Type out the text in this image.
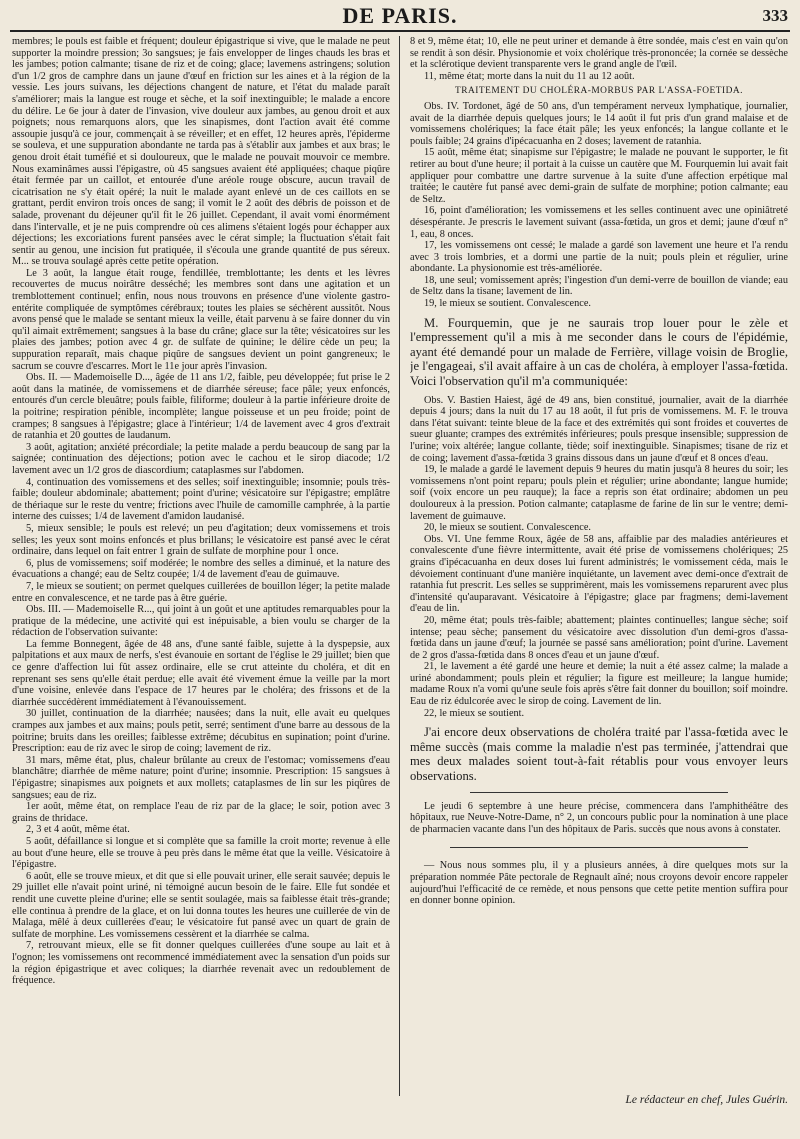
DE PARIS.	333

membres; le pouls est faible et fréquent; douleur épigastrique si vive, que le malade ne peut supporter la moindre pression; 3o sangsues; je fais envelopper de linges chauds les bras et les jambes; potion calmante; tisane de riz et de coing; glace; lavemens astringens; solution d'un 1/2 gros de camphre dans un jaune d'œuf en friction sur les aines et à la région de la vessie. Les jours suivans, les déjections changent de nature, et l'état du malade paraît s'améliorer; mais la langue est rouge et sèche, et la soif inextinguible; le malade a encore du délire. Le 6e jour à dater de l'invasion, vive douleur aux jambes, au genou droit et aux poignets; nous remarquons alors, que les sinapismes, dont l'action avait été comme assoupie jusqu'à ce jour, commençait à se réveiller; et en effet, 12 heures après, l'épiderme se souleva, et une suppuration abondante ne tarda pas à s'établir aux jambes et aux bras; le genou droit était tuméfié et si douloureux, que le malade ne pouvait mouvoir ce membre. Nous examinâmes aussi l'épigastre, où 45 sangsues avaient été appliquées; chaque piqûre était fermée par un caillot, et entourée d'une aréole rouge obscure, aucun travail de cicatrisation ne s'y était opéré; la nuit le malade ayant enlevé un de ces caillots en se grattant, perdit environ trois onces de sang; il vomit le 2 août des débris de poisson et de salade, provenant du déjeuner qu'il fit le 26 juillet. Cependant, il avait vomi énormément dans l'intervalle, et je ne puis comprendre où ces alimens s'étaient logés pour échapper aux déjections; les excoriations furent pansées avec le cérat simple; la fluctuation s'était fait sentir au genou, une incision fut pratiquée, il s'écoula une grande quantité de pus séreux. M... se trouva soulagé après cette petite opération.

Le 3 août, la langue était rouge, fendillée, tremblottante; les dents et les lèvres recouvertes de mucus noirâtre desséché; les membres sont dans une agitation et un tremblottement continuel; enfin, nous nous trouvons en présence d'une violente gastro-entérite compliquée de symptômes cérébraux; toutes les plaies se séchèrent aussitôt. Nous avons pensé que le malade se sentant mieux la veille, était parvenu à se faire donner du vin qu'il aimait extrêmement; sangsues à la base du crâne; glace sur la tête; vésicatoires sur les plaies des jambes; potion avec 4 gr. de sulfate de quinine; le délire cède un peu; la suppuration reparaît, mais chaque piqûre de sangsues devient un point gangreneux; le sacrum se couvre d'escarres. Mort le 11e jour après l'invasion.

Obs. II. — Mademoiselle D..., âgée de 11 ans 1/2, faible, peu développée; fut prise le 2 août dans la matinée, de vomissemens et de diarrhée séreuse; face pâle; yeux enfoncés, entourés d'un cercle bleuâtre; pouls faible, filiforme; douleur à la partie inférieure droite de la poitrine; respiration pénible, incomplète; langue poisseuse et un peu froide; point de crampes; 8 sangsues à l'épigastre; glace à l'intérieur; 1/4 de lavement avec 4 gros d'extrait de ratanhia et 20 gouttes de laudanum.

3 août, agitation; anxiété précordiale; la petite malade a perdu beaucoup de sang par la saignée; continuation des déjections; potion avec le cachou et le sirop diacode; 1/2 lavement avec un 1/2 gros de diascordium; cataplasmes sur l'abdomen.

4, continuation des vomissemens et des selles; soif inextinguible; insomnie; pouls très-faible; douleur abdominale; abattement; point d'urine; vésicatoire sur l'épigastre; emplâtre de thériaque sur le reste du ventre; frictions avec l'huile de camomille camphrée, à la partie interne des cuisses; 1/4 de lavement d'amidon laudanisé.

5, mieux sensible; le pouls est relevé; un peu d'agitation; deux vomissemens et trois selles; les yeux sont moins enfoncés et plus brillans; le vésicatoire est pansé avec le cérat ordinaire, dans lequel on fait entrer 1 grain de sulfate de morphine pour 1 once.

6, plus de vomissemens; soif modérée; le nombre des selles a diminué, et la nature des évacuations a changé; eau de Seltz coupée; 1/4 de lavement d'eau de guimauve.

7, le mieux se soutient; on permet quelques cuillerées de bouillon léger; la petite malade entre en convalescence, et ne tarde pas à être guérie.

Obs. III. — Mademoiselle R..., qui joint à un goût et une aptitudes remarquables pour la pratique de la médecine, une activité qui est inépuisable, a bien voulu se charger de la rédaction de l'observation suivante:

La femme Bonnegent, âgée de 48 ans, d'une santé faible, sujette à la dyspepsie, aux palpitations et aux maux de nerfs, s'est évanouie en sortant de l'église le 29 juillet; bien que ce genre d'affection lui fût assez ordinaire, elle se crut atteinte du choléra, et dit en reprenant ses sens qu'elle était perdue; elle avait été vivement émue la veille par la mort d'une voisine, enlevée dans l'espace de 17 heures par le choléra; des frissons et de la diarrhée succédèrent immédiatement à l'évanouissement.

30 juillet, continuation de la diarrhée; nausées; dans la nuit, elle avait eu quelques crampes aux jambes et aux mains; pouls petit, serré; sentiment d'une barre au dessous de la poitrine; bruits dans les oreilles; faiblesse extrême; décubitus en supination; point d'urine. Prescription: eau de riz avec le sirop de coing; lavement de riz.

31 mars, même état, plus, chaleur brûlante au creux de l'estomac; vomissemens d'eau blanchâtre; diarrhée de même nature; point d'urine; insomnie. Prescription: 15 sangsues à l'épigastre; sinapismes aux poignets et aux mollets; cataplasmes de lin sur les piqûres de sangsues; eau de riz.

1er août, même état, on remplace l'eau de riz par de la glace; le soir, potion avec 3 grains de thridace.

2, 3 et 4 août, même état.

5 août, défaillance si longue et si complète que sa famille la croit morte; revenue à elle au bout d'une heure, elle se trouve à peu près dans le même état que la veille. Vésicatoire à l'épigastre.

6 août, elle se trouve mieux, et dit que si elle pouvait uriner, elle serait sauvée; depuis le 29 juillet elle n'avait point uriné, ni témoigné aucun besoin de le faire. Elle fut sondée et rendit une cuvette pleine d'urine; elle se sentit soulagée, mais sa faiblesse était très-grande; elle continua à prendre de la glace, et on lui donna toutes les heures une cuillerée de vin de Malaga, mêlé à deux cuillerées d'eau; le vésicatoire fut pansé avec un quart de grain de sulfate de morphine. Les vomissemens cessèrent et la diarrhée se calma.

7, retrouvant mieux, elle se fit donner quelques cuillerées d'une soupe au lait et à l'ognon; les vomissemens ont recommencé immédiatement avec la sensation d'un poids sur la région épigastrique et avec coliques; la diarrhée revenait avec un redoublement de fréquence.

8 et 9, même état; 10, elle ne peut uriner et demande à être sondée, mais c'est en vain qu'on se rendit à son désir. Physionomie et voix cholérique très-prononcée; la cornée se dessèche et la sclérotique devient transparente vers le grand angle de l'œil.

11, même état; morte dans la nuit du 11 au 12 août.

TRAITEMENT DU CHOLÉRA-MORBUS PAR L'ASSA-FOETIDA.

Obs. IV. Tordonet, âgé de 50 ans, d'un tempérament nerveux lymphatique, journalier, avait de la diarrhée depuis quelques jours; le 14 août il fut pris d'un grand malaise et de vomissemens cholériques; la face était pâle; les yeux enfoncés; la langue collante et le pouls faible; 24 grains d'ipécacuanha en 2 doses; lavement de ratanhia.

15 août, même état; sinapisme sur l'épigastre; le malade ne pouvant le supporter, le fit retirer au bout d'une heure; il portait à la cuisse un cautère que M. Fourquemin lui avait fait appliquer pour combattre une dartre survenue à la suite d'une affection erpétique mal traitée; le cautère fut pansé avec demi-grain de sulfate de morphine; potion calmante; eau de Seltz.

16, point d'amélioration; les vomissemens et les selles continuent avec une opiniâtreté désespérante. Je prescris le lavement suivant (assa-fœtida, un gros et demi; jaune d'œuf n° 1, eau, 8 onces.

17, les vomissemens ont cessé; le malade a gardé son lavement une heure et l'a rendu avec 3 trois lombries, et a dormi une partie de la nuit; pouls plein et régulier, urine abondante. La physionomie est très-améliorée.

18, une seul; vomissement après; l'ingestion d'un demi-verre de bouillon de viande; eau de Seltz dans la tisane; lavement de lin.

19, le mieux se soutient. Convalescence.

M. Fourquemin, que je ne saurais trop louer pour le zèle et l'empressement qu'il a mis à me seconder dans le cours de l'épidémie, ayant été demandé pour un malade de Ferrière, village voisin de Broglie, je l'engageai, s'il avait affaire à un cas de choléra, à employer l'assa-fœtida. Voici l'observation qu'il m'a communiquée:

Obs. V. Bastien Haiest, âgé de 49 ans, bien constitué, journalier, avait de la diarrhée depuis 4 jours; dans la nuit du 17 au 18 août, il fut pris de vomissemens. M. F. le trouva dans l'état suivant: teinte bleue de la face et des extrémités qui sont froides et couvertes de sueur gluante; crampes des extrémités inférieures; pouls presque insensible; suppression de l'urine; voix altérée; langue collante, tiède; soif inextinguible. Sinapismes; tisane de riz et de coing; lavement d'assa-fœtida 3 grains dissous dans un jaune d'œuf et 8 onces d'eau.

19, le malade a gardé le lavement depuis 9 heures du matin jusqu'à 8 heures du soir; les vomissemens n'ont point reparu; pouls plein et régulier; urine abondante; langue humide; soif (voix encore un peu rauque); la face a repris son état ordinaire; abdomen un peu douloureux à la pression. Potion calmante; cataplasme de farine de lin sur le ventre; demi-lavement de guimauve.

20, le mieux se soutient. Convalescence.

Obs. VI. Une femme Roux, âgée de 58 ans, affaiblie par des maladies antérieures et convalescente d'une fièvre intermittente, avait été prise de vomissemens cholériques; 25 grains d'ipécacuanha en deux doses lui furent administrés; le vomissement céda, mais le dévoiement continuant d'une manière inquiétante, un lavement avec demi-once d'extrait de ratanhia fut prescrit. Les selles se supprimèrent, mais les vomissemens reparurent avec plus d'intensité qu'auparavant. Vésicatoire à l'épigastre; glace par fragmens; demi-lavement d'eau de lin.

20, même état; pouls très-faible; abattement; plaintes continuelles; langue sèche; soif intense; peau sèche; pansement du vésicatoire avec dissolution d'un demi-gros d'assa-fœtida dans un jaune d'œuf; la journée se passé sans amélioration; point d'urine. Lavement de 2 gros d'assa-fœtida dans 8 onces d'eau et un jaune d'œuf.

21, le lavement a été gardé une heure et demie; la nuit a été assez calme; la malade a uriné abondamment; pouls plein et régulier; la figure est meilleure; la langue humide; madame Roux n'a vomi qu'une seule fois après s'être fait donner du bouillon; soif moindre. Eau de riz édulcorée avec le sirop de coing. Lavement de lin.

22, le mieux se soutient.

J'ai encore deux observations de choléra traité par l'assa-fœtida avec le même succès (mais comme la maladie n'est pas terminée, j'attendrai que mes deux malades soient tout-à-fait rétablis pour vous envoyer leurs observations.

Le jeudi 6 septembre à une heure précise, commencera dans l'amphithéâtre des hôpitaux, rue Neuve-Notre-Dame, n° 2, un concours public pour la nomination à une place de pharmacien vacante dans l'un des hôpitaux de Paris. succès que nous avons à constater.

— Nous nous sommes plu, il y a plusieurs années, à dire quelques mots sur la préparation nommée Pâte pectorale de Regnault aîné; nous croyons devoir encore rappeler aujourd'hui l'efficacité de ce remède, et nous pensons que cette petite mention suffira pour en donner bonne opinion.

Le rédacteur en chef, Jules Guérin.
